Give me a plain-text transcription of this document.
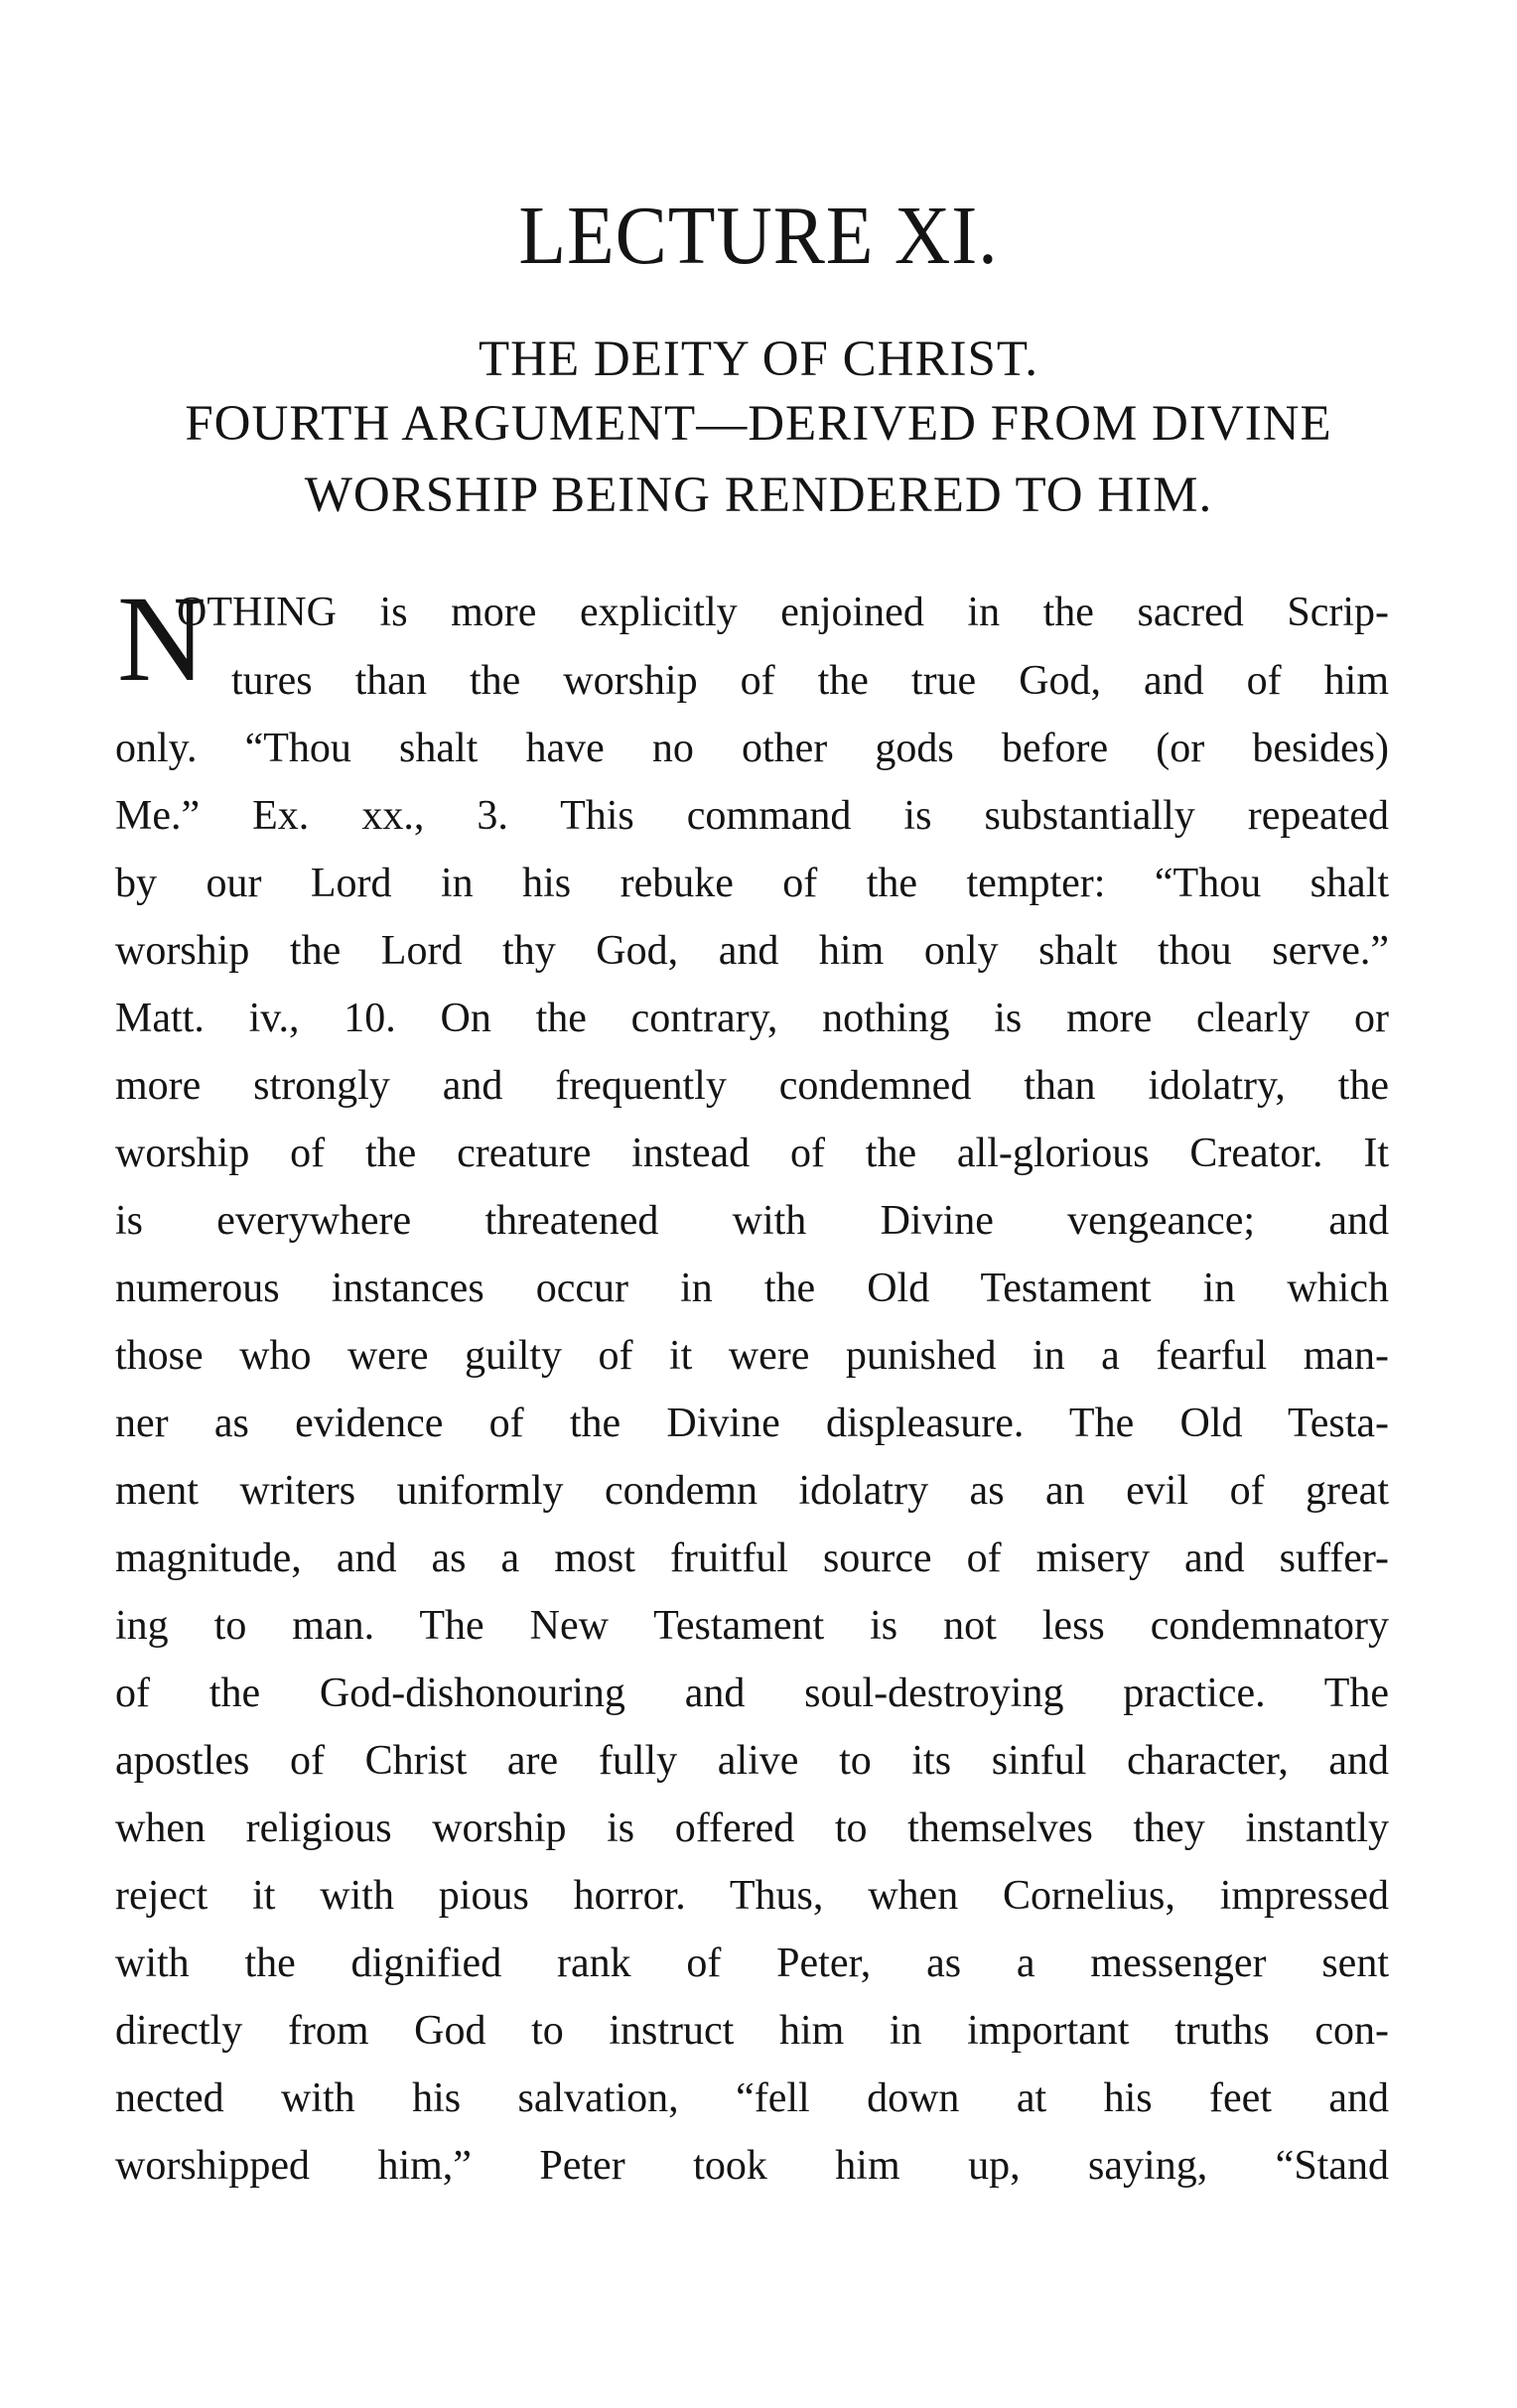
LECTURE XI.
THE DEITY OF CHRIST.
FOURTH ARGUMENT—DERIVED FROM DIVINE
WORSHIP BEING RENDERED TO HIM.
N
OTHING is more explicitly enjoined in the sacred Scrip-
tures than the worship of the true God, and of him
only. “Thou shalt have no other gods before (or besides)
Me.” Ex. xx., 3. This command is substantially repeated
by our Lord in his rebuke of the tempter: “Thou shalt
worship the Lord thy God, and him only shalt thou serve.”
Matt. iv., 10. On the contrary, nothing is more clearly or
more strongly and frequently condemned than idolatry, the
worship of the creature instead of the all-glorious Creator. It
is everywhere threatened with Divine vengeance; and
numerous instances occur in the Old Testament in which
those who were guilty of it were punished in a fearful man-
ner as evidence of the Divine displeasure. The Old Testa-
ment writers uniformly condemn idolatry as an evil of great
magnitude, and as a most fruitful source of misery and suffer-
ing to man. The New Testament is not less condemnatory
of the God-dishonouring and soul-destroying practice. The
apostles of Christ are fully alive to its sinful character, and
when religious worship is offered to themselves they instantly
reject it with pious horror. Thus, when Cornelius, impressed
with the dignified rank of Peter, as a messenger sent
directly from God to instruct him in important truths con-
nected with his salvation, “fell down at his feet and
worshipped him,” Peter took him up, saying, “Stand
